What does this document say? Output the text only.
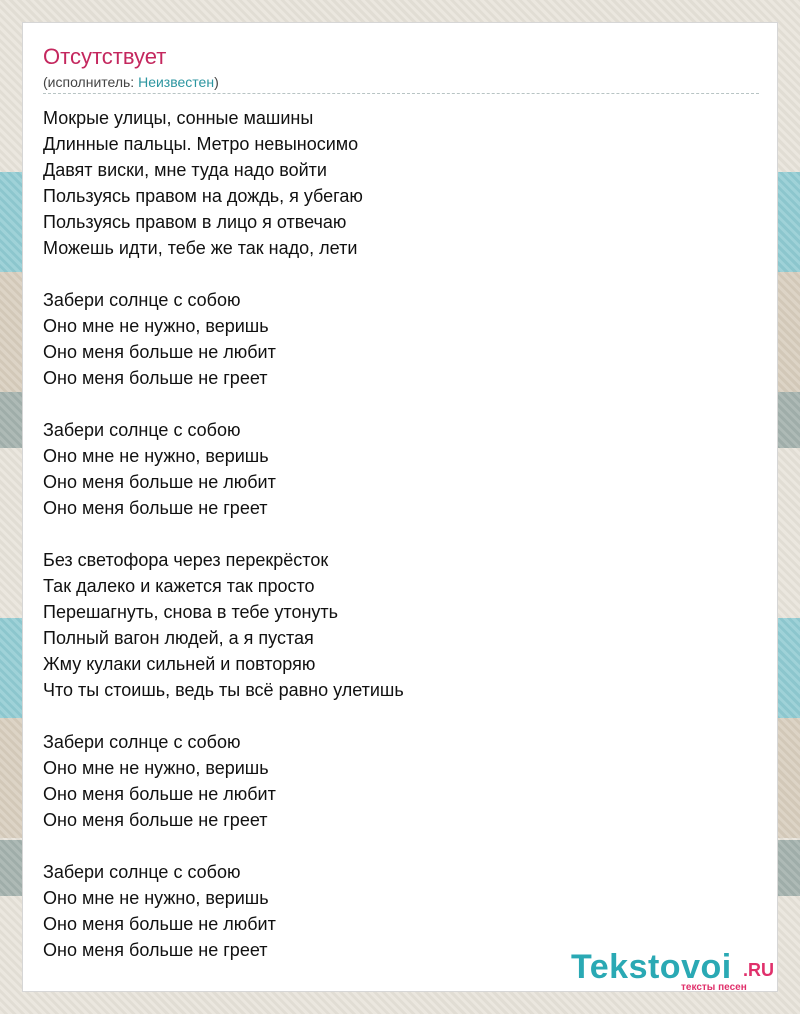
Отсутствует
(исполнитель: Неизвестен)
Мокрые улицы, сонные машины
Длинные пальцы. Метро невыносимо
Давят виски, мне туда надо войти
Пользуясь правом на дождь, я убегаю
Пользуясь правом в лицо я отвечаю
Можешь идти, тебе же так надо, лети
Забери солнце с собою
Оно мне не нужно, веришь
Оно меня больше не любит
Оно меня больше не греет
Забери солнце с собою
Оно мне не нужно, веришь
Оно меня больше не любит
Оно меня больше не греет
Без светофора через перекрёсток
Так далеко и кажется так просто
Перешагнуть, снова в тебе утонуть
Полный вагон людей, а я пустая
Жму кулаки сильней и повторяю
Что ты стоишь, ведь ты всё равно улетишь
Забери солнце с собою
Оно мне не нужно, веришь
Оно меня больше не любит
Оно меня больше не греет
Забери солнце с собою
Оно мне не нужно, веришь
Оно меня больше не любит
Оно меня больше не греет	Tekstovoi .RU
тексты песен
